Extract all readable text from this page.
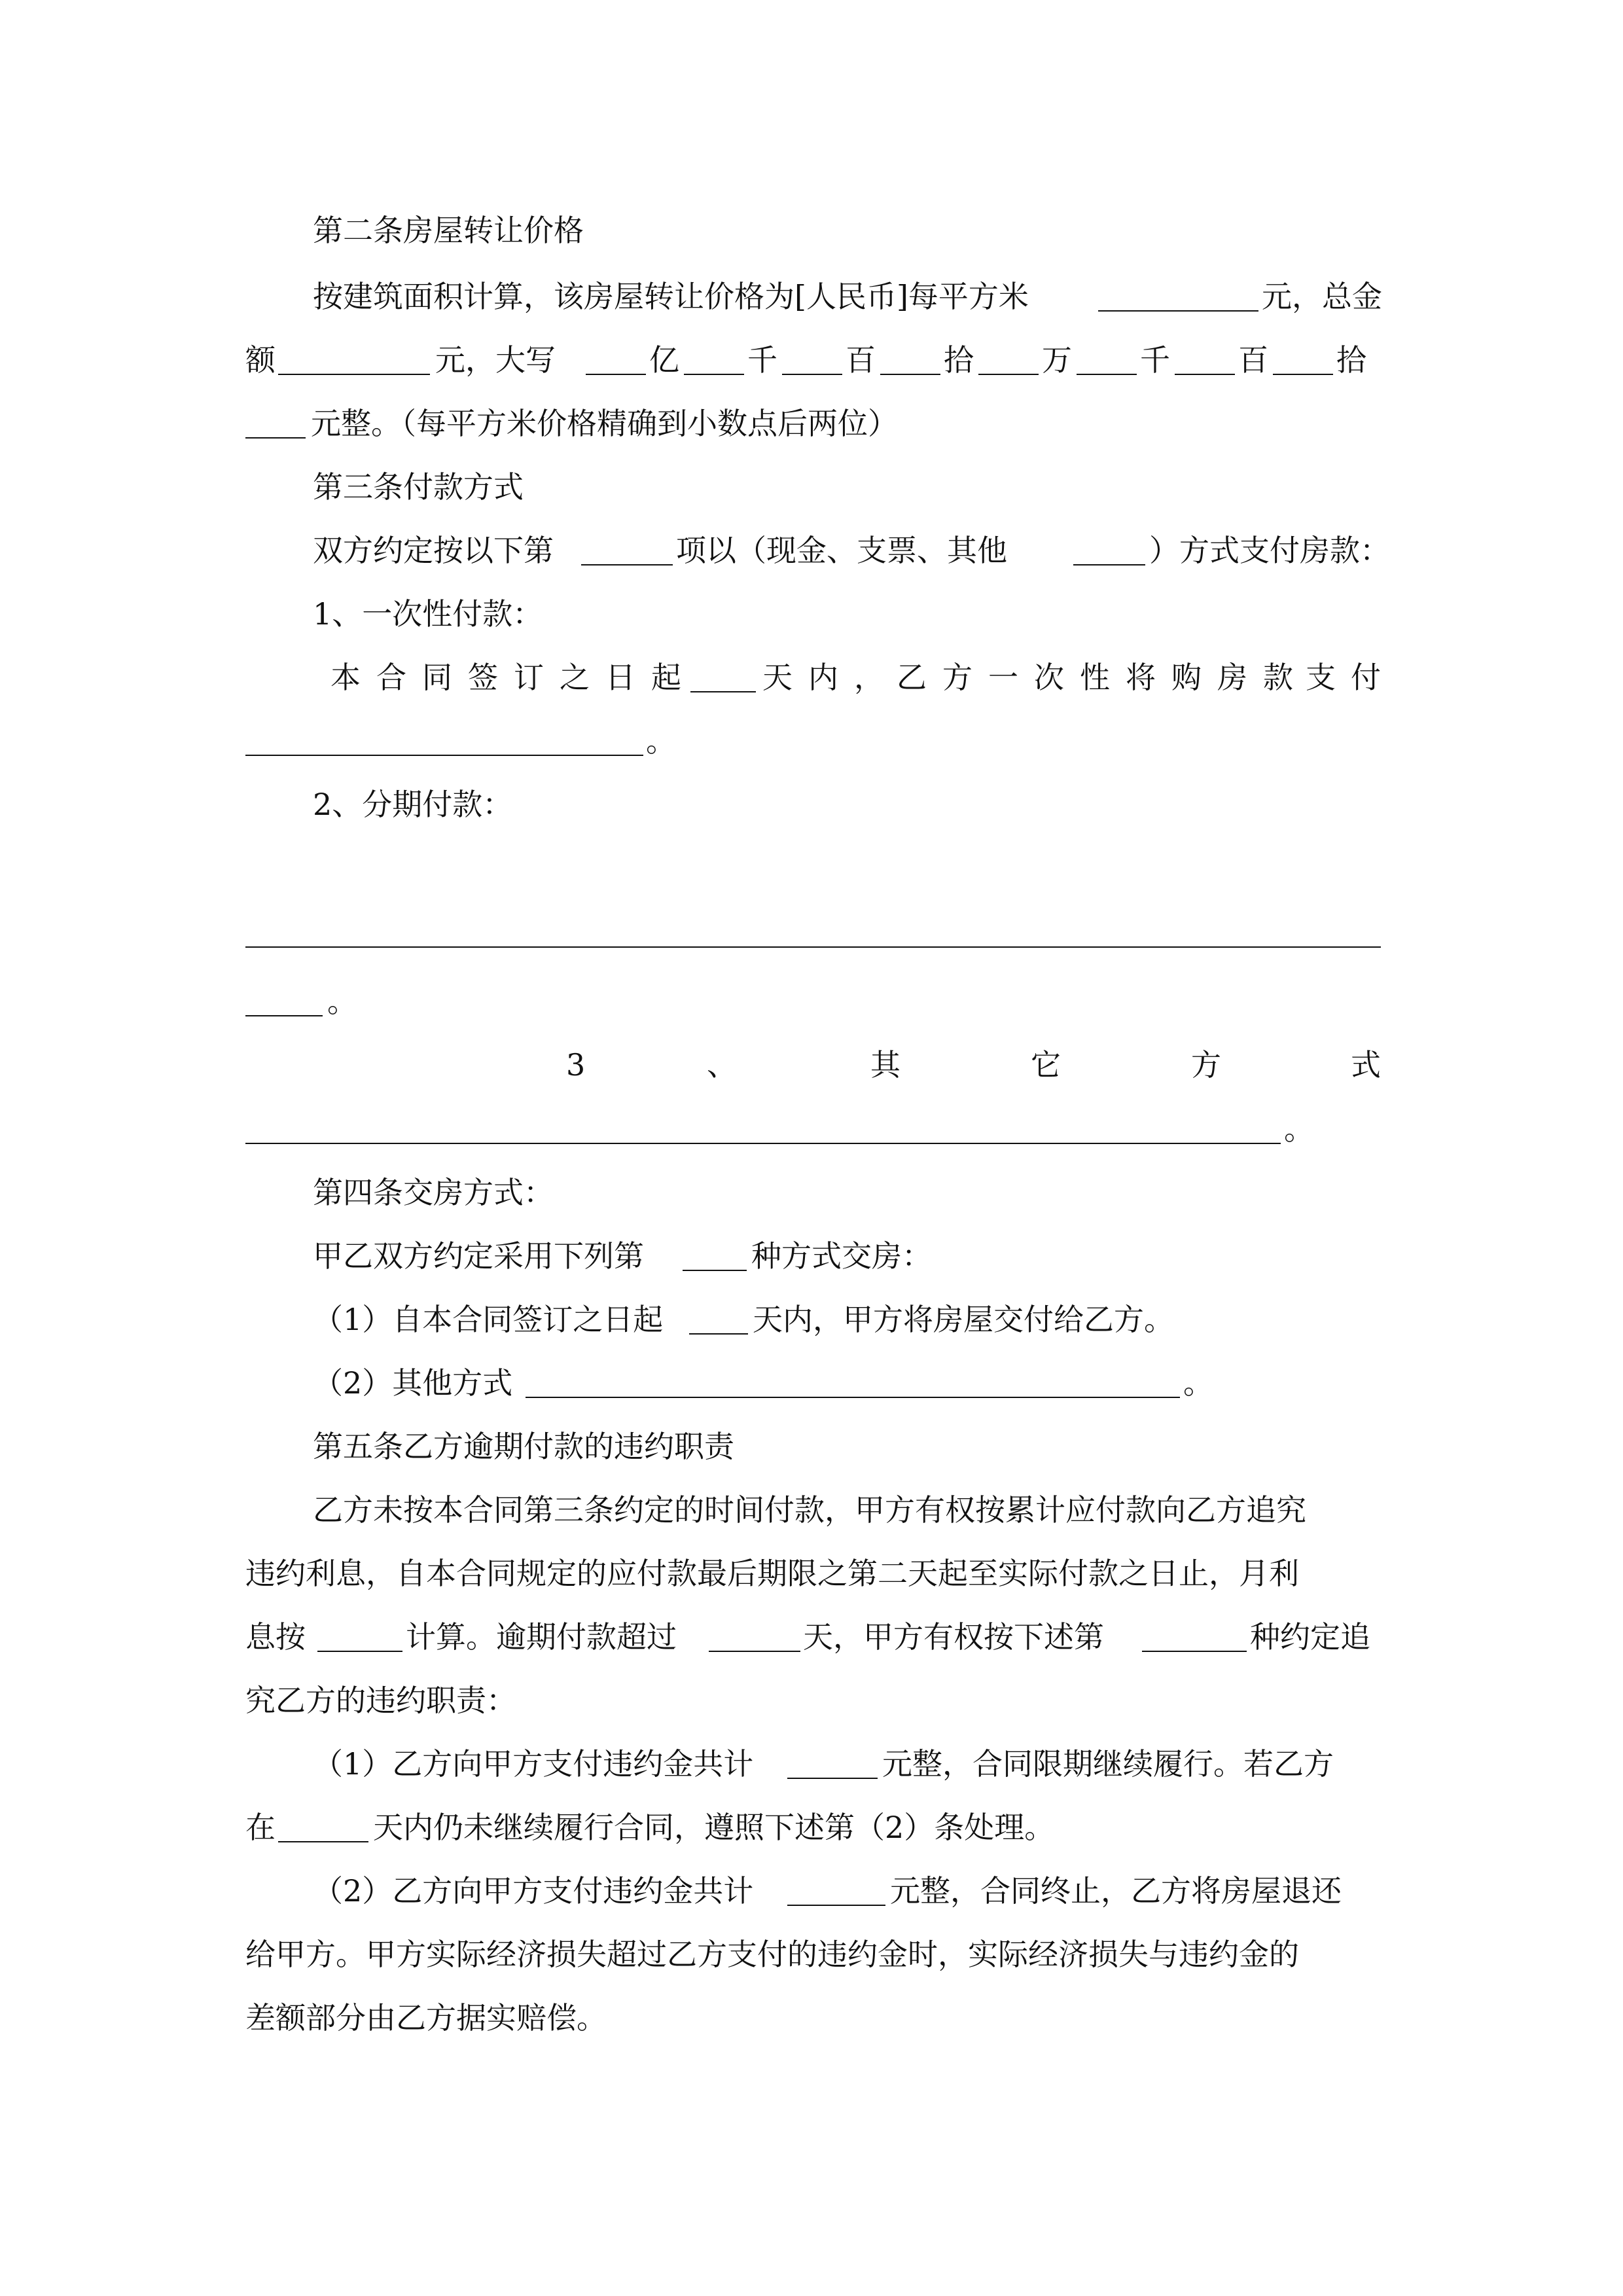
第二条房屋转让价格
按建筑面积计算，该房屋转让价格为[人民币]每平方米	元，总金
额	元，大写	亿 千 百 拾 万 千 百 拾
元整。（每平方米价格精确到小数点后两位）
第三条付款方式
双方约定按以下第	项以（现金、支票、其他	）方式支付房款：
1、一次性付款：
本 合 同 签 订 之 日 起	天 内 ， 乙 方 一 次 性 将 购 房 款 支 付
。
2、分期付款：
。
3	、	其	它	方	式
。
第四条交房方式：
甲乙双方约定采用下列第	种方式交房：
（1）自本合同签订之日起	天内，甲方将房屋交付给乙方。
（2）其他方式	。
第五条乙方逾期付款的违约职责
乙方未按本合同第三条约定的时间付款，甲方有权按累计应付款向乙方追究
违约利息，自本合同规定的应付款最后期限之第二天起至实际付款之日止，月利
息按	计算。逾期付款超过	天，甲方有权按下述第	种约定追
究乙方的违约职责：
（1）乙方向甲方支付违约金共计	元整，合同限期继续履行。若乙方
在	天内仍未继续履行合同，遵照下述第（2）条处理。
（2）乙方向甲方支付违约金共计	元整，合同终止，乙方将房屋退还
给甲方。甲方实际经济损失超过乙方支付的违约金时，实际经济损失与违约金的
差额部分由乙方据实赔偿。
